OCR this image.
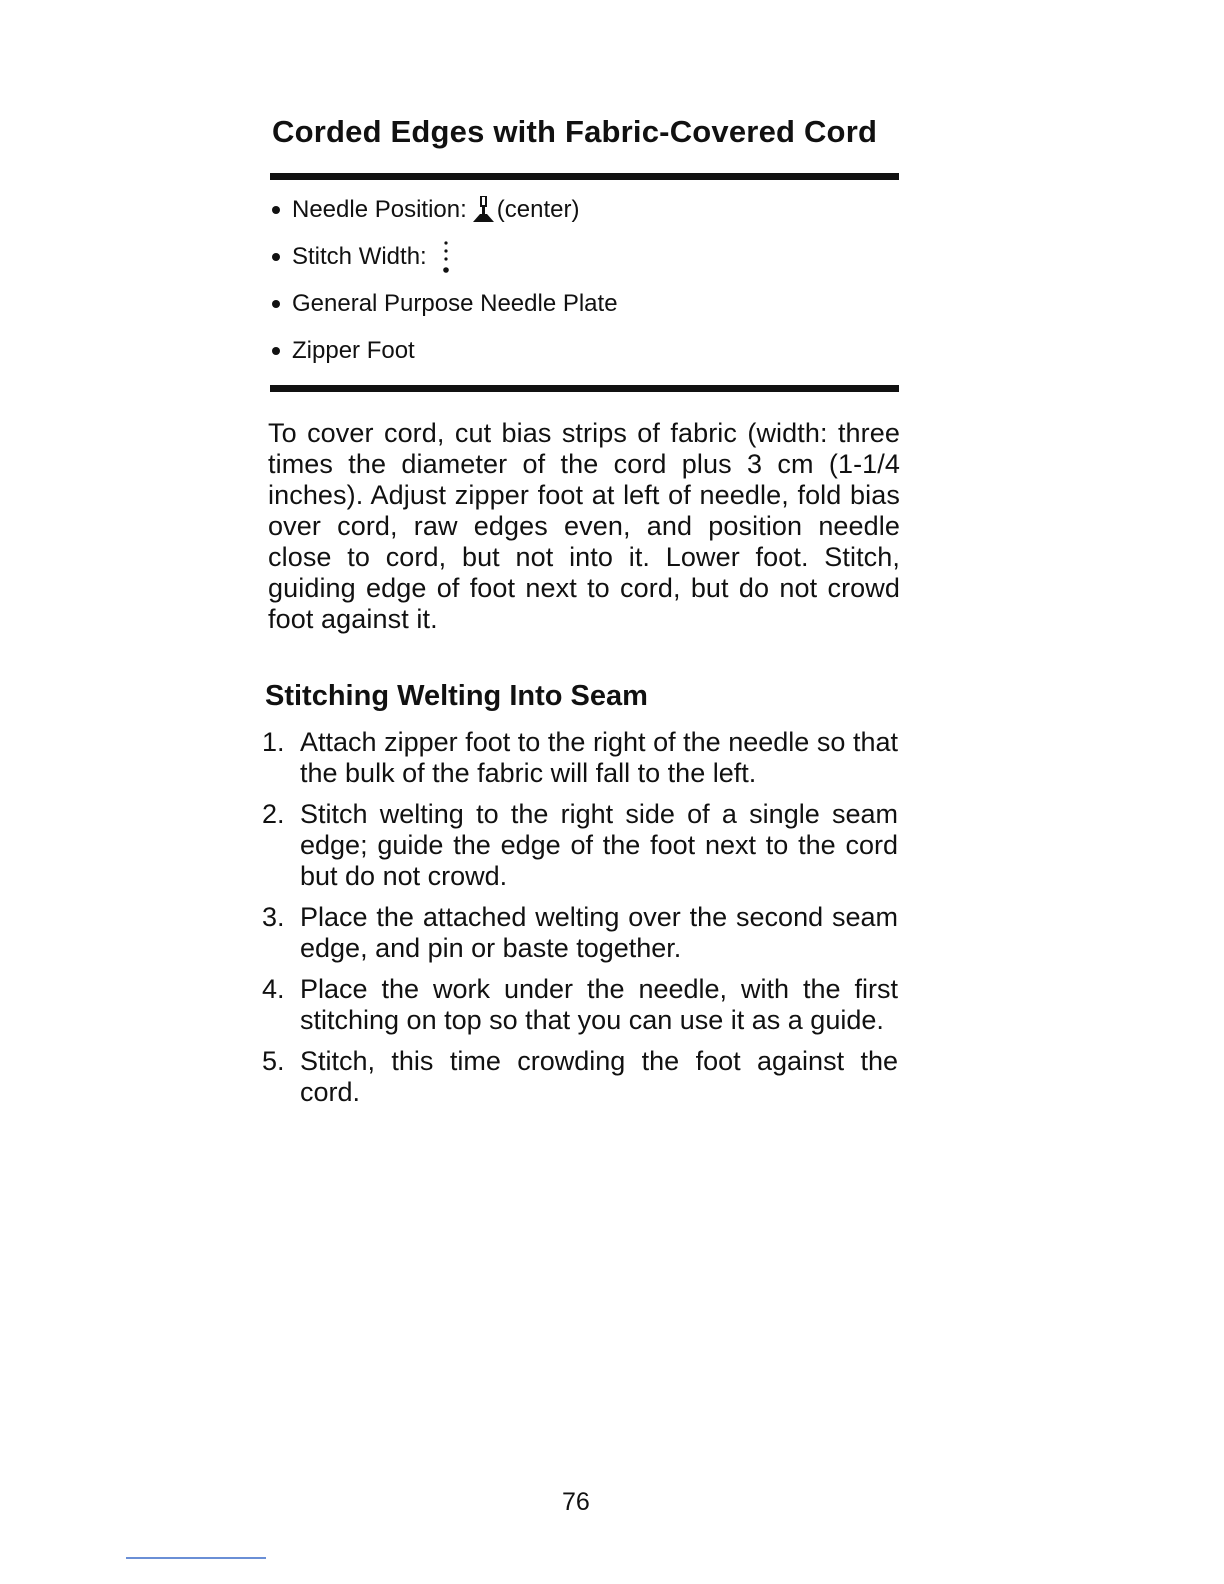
Corded Edges with Fabric-Covered Cord
Needle Position: (center)
Stitch Width:
General Purpose Needle Plate
Zipper Foot
To cover cord, cut bias strips of fabric (width: three times the diameter of the cord plus 3 cm (1-1/4 inches). Adjust zipper foot at left of needle, fold bias over cord, raw edges even, and position needle close to cord, but not into it. Lower foot. Stitch, guiding edge of foot next to cord, but do not crowd foot against it.
Stitching Welting Into Seam
1. Attach zipper foot to the right of the needle so that the bulk of the fabric will fall to the left.
2. Stitch welting to the right side of a single seam edge; guide the edge of the foot next to the cord but do not crowd.
3. Place the attached welting over the second seam edge, and pin or baste together.
4. Place the work under the needle, with the first stitching on top so that you can use it as a guide.
5. Stitch, this time crowding the foot against the cord.
76
